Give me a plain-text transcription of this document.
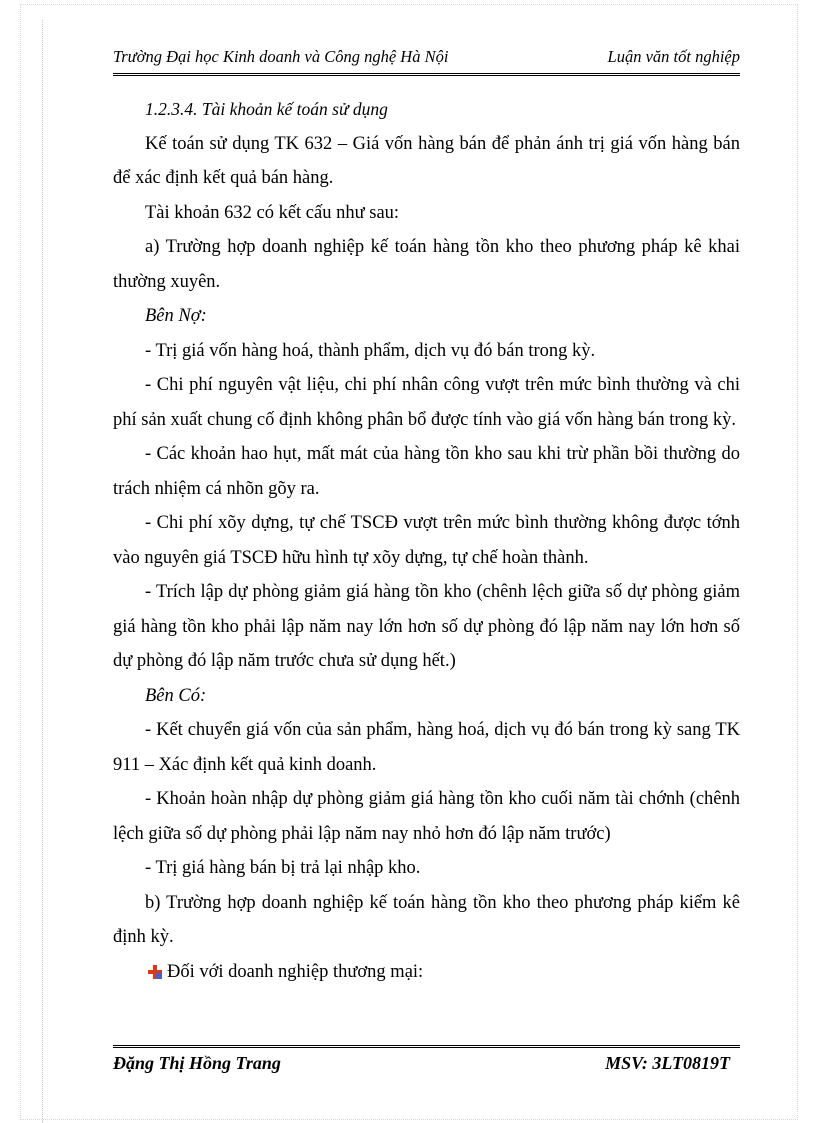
Trường Đại học Kinh doanh và Công nghệ Hà Nội	Luận văn tốt nghiệp

1.2.3.4. Tài khoản kế toán sử dụng

Kế toán sử dụng TK 632 – Giá vốn hàng bán để phản ánh trị giá vốn hàng bán để xác định kết quả bán hàng.

Tài khoản 632 có kết cấu như sau:

a) Trường hợp doanh nghiệp kế toán hàng tồn kho theo phương pháp kê khai thường xuyên.

Bên Nợ:

- Trị giá vốn hàng hoá, thành phẩm, dịch vụ đó bán trong kỳ.

- Chi phí nguyên vật liệu, chi phí nhân công vượt trên mức bình thường và chi phí sản xuất chung cố định không phân bổ được tính vào giá vốn hàng bán trong kỳ.

- Các khoản hao hụt, mất mát của hàng tồn kho sau khi trừ phần bồi thường do trách nhiệm cá nhõn gõy ra.

- Chi phí xõy dựng, tự chế TSCĐ vượt trên mức bình thường không được tớnh vào nguyên giá TSCĐ hữu hình tự xõy dựng, tự chế hoàn thành.

- Trích lập dự phòng giảm giá hàng tồn kho (chênh lệch giữa số dự phòng giảm giá hàng tồn kho phải lập năm nay lớn hơn số dự phòng đó lập năm nay lớn hơn số dự phòng đó lập năm trước chưa sử dụng hết.)

Bên Có:

- Kết chuyển giá vốn của sản phẩm, hàng hoá, dịch vụ đó bán trong kỳ sang TK 911 – Xác định kết quả kinh doanh.

- Khoản hoàn nhập dự phòng giảm giá hàng tồn kho cuối năm tài chớnh (chênh lệch giữa số dự phòng phải lập năm nay nhỏ hơn đó lập năm trước)

- Trị giá hàng bán bị trả lại nhập kho.

b) Trường hợp doanh nghiệp kế toán hàng tồn kho theo phương pháp kiểm kê định kỳ.

Đối với doanh nghiệp thương mại:
Đặng Thị Hồng Trang	MSV: 3LT0819T
